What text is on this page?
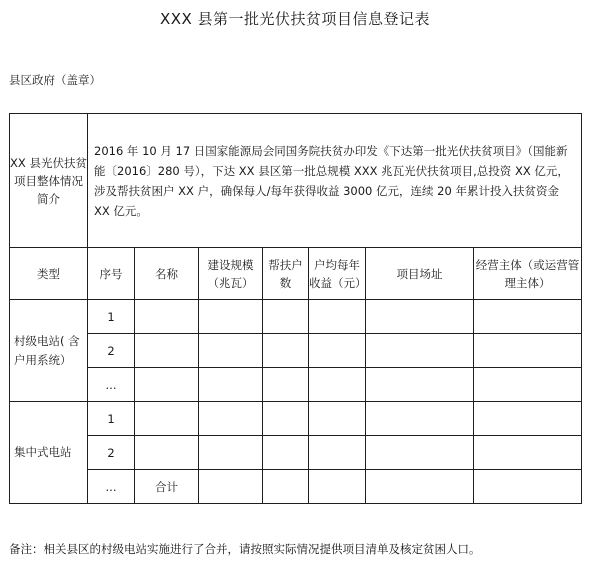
XXX 县第一批光伏扶贫项目信息登记表
县区政府（盖章）
XX 县光伏扶贫项目整体情况简介	2016 年 10 月 17 日国家能源局会同国务院扶贫办印发《下达第一批光伏扶贫项目》（国能新能〔2016〕280 号），下达 XX 县区第一批总规模 XXX 兆瓦光伏扶贫项目,总投资 XX 亿元，涉及帮扶贫困户 XX 户，确保每人/每年获得收益 3000 亿元，连续 20 年累计投入扶贫资金 XX 亿元。						
类型	序号	名称	建设规模（兆瓦）	帮扶户数	户均每年收益（元）	项目场址	经营主体（或运营管理主体）
村级电站( 含户用系统）	1						
	2						
	...						
集中式电站	1						
	2						
	...	合计					
备注：相关县区的村级电站实施进行了合并，请按照实际情况提供项目清单及核定贫困人口。
